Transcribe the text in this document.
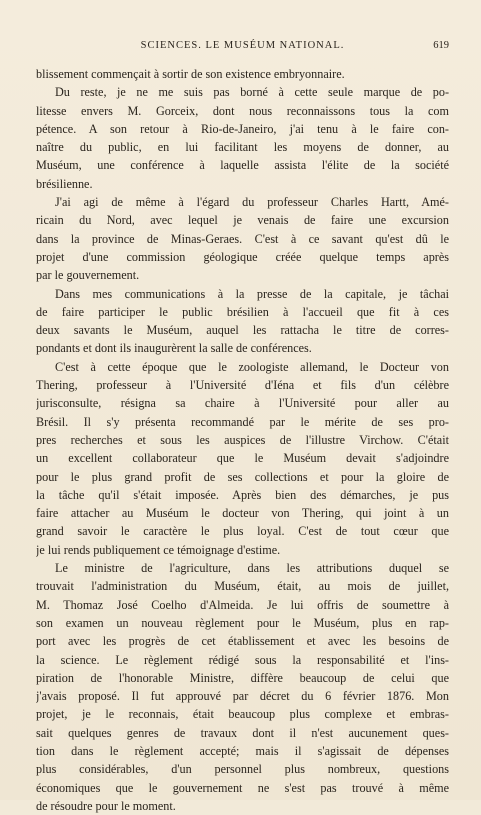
SCIENCES. LE MUSÉUM NATIONAL.	619
blissement commençait à sortir de son existence embryonnaire.
Du reste, je ne me suis pas borné à cette seule marque de po-
litesse envers M. Gorceix, dont nous reconnaissons tous la com
pétence. A son retour à Rio-de-Janeiro, j'ai tenu à le faire con-
naître du public, en lui facilitant les moyens de donner, au
Muséum, une conférence à laquelle assista l'élite de la société
brésilienne.
J'ai agi de même à l'égard du professeur Charles Hartt, Amé-
ricain du Nord, avec lequel je venais de faire une excursion
dans la province de Minas-Geraes. C'est à ce savant qu'est dû le
projet d'une commission géologique créée quelque temps après
par le gouvernement.
Dans mes communications à la presse de la capitale, je tâchai
de faire participer le public brésilien à l'accueil que fit à ces
deux savants le Muséum, auquel les rattacha le titre de corres-
pondants et dont ils inaugurèrent la salle de conférences.
C'est à cette époque que le zoologiste allemand, le Docteur von
Thering, professeur à l'Université d'Iéna et fils d'un célèbre
jurisconsulte, résigna sa chaire à l'Université pour aller au
Brésil. Il s'y présenta recommandé par le mérite de ses pro-
pres recherches et sous les auspices de l'illustre Virchow. C'était
un excellent collaborateur que le Muséum devait s'adjoindre
pour le plus grand profit de ses collections et pour la gloire de
la tâche qu'il s'était imposée. Après bien des démarches, je pus
faire attacher au Muséum le docteur von Thering, qui joint à un
grand savoir le caractère le plus loyal. C'est de tout cœur que
je lui rends publiquement ce témoignage d'estime.
Le ministre de l'agriculture, dans les attributions duquel se
trouvait l'administration du Muséum, était, au mois de juillet,
M. Thomaz José Coelho d'Almeida. Je lui offris de soumettre à
son examen un nouveau règlement pour le Muséum, plus en rap-
port avec les progrès de cet établissement et avec les besoins de
la science. Le règlement rédigé sous la responsabilité et l'ins-
piration de l'honorable Ministre, diffère beaucoup de celui que
j'avais proposé. Il fut approuvé par décret du 6 février 1876. Mon
projet, je le reconnais, était beaucoup plus complexe et embras-
sait quelques genres de travaux dont il n'est aucunement ques-
tion dans le règlement accepté; mais il s'agissait de dépenses
plus considérables, d'un personnel plus nombreux, questions
économiques que le gouvernement ne s'est pas trouvé à même
de résoudre pour le moment.
